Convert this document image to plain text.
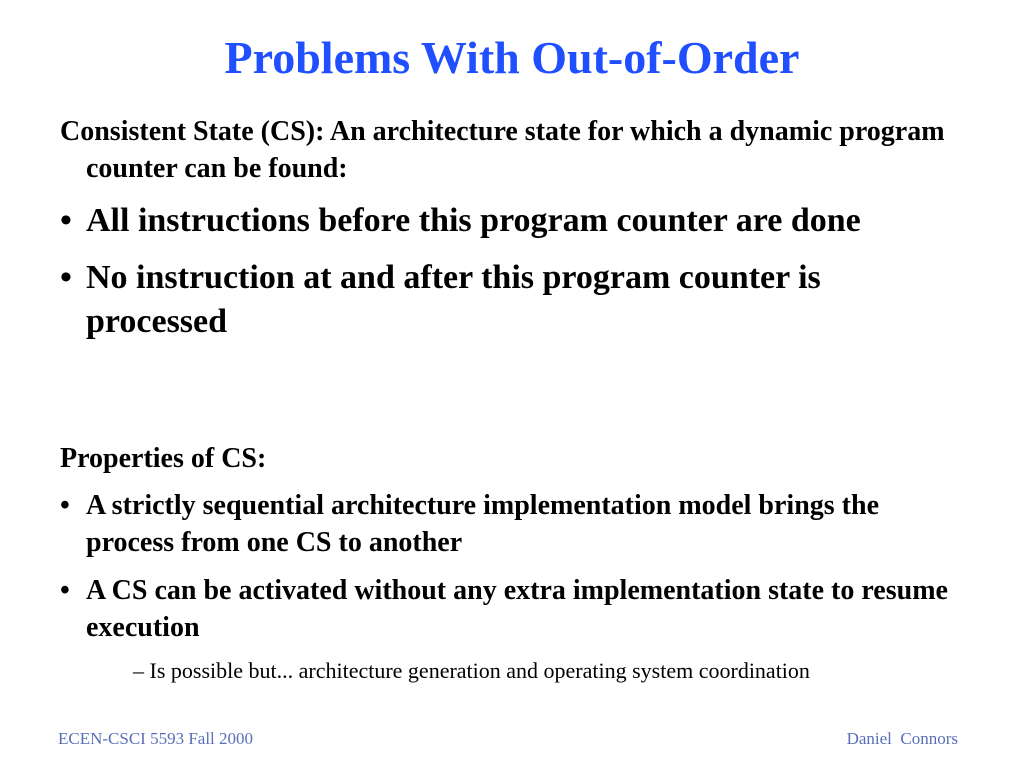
Problems With Out-of-Order

Consistent State (CS): An architecture state for which a dynamic program counter can be found:

• All instructions before this program counter are done
• No instruction at and after this program counter is processed

Properties of CS:

• A strictly sequential architecture implementation model brings the process from one CS to another
• A CS can be activated without any extra implementation state to resume execution

– Is possible but... architecture generation and operating system coordination

ECEN-CSCI 5593 Fall 2000	Daniel  Connors
